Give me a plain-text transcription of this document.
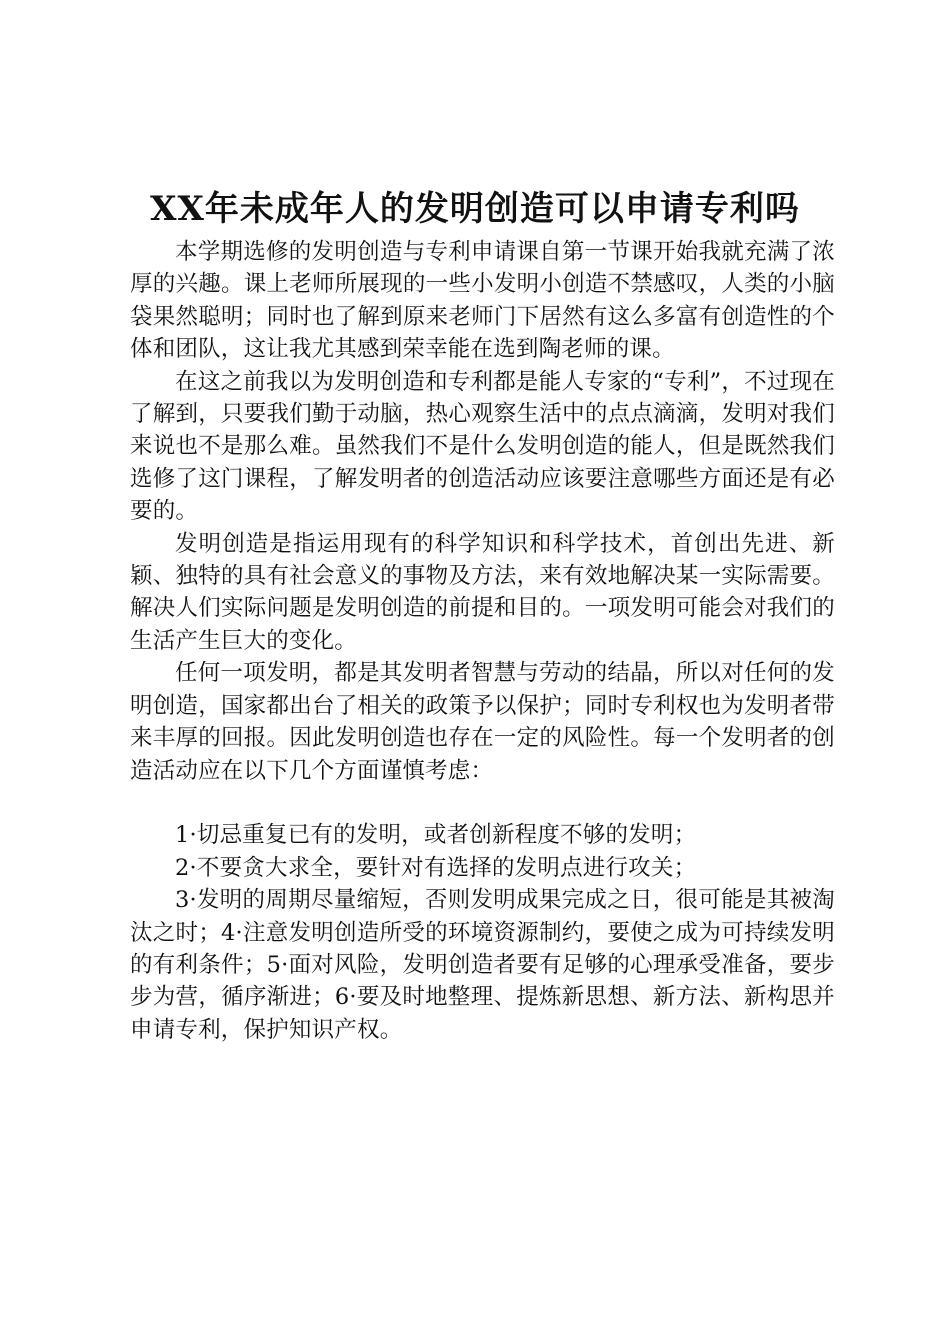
XX年未成年人的发明创造可以申请专利吗

本学期选修的发明创造与专利申请课自第一节课开始我就充满了浓厚的兴趣。课上老师所展现的一些小发明小创造不禁感叹，人类的小脑袋果然聪明；同时也了解到原来老师门下居然有这么多富有创造性的个体和团队，这让我尤其感到荣幸能在选到陶老师的课。

在这之前我以为发明创造和专利都是能人专家的“专利”，不过现在了解到，只要我们勤于动脑，热心观察生活中的点点滴滴，发明对我们来说也不是那么难。虽然我们不是什么发明创造的能人，但是既然我们选修了这门课程，了解发明者的创造活动应该要注意哪些方面还是有必要的。

发明创造是指运用现有的科学知识和科学技术，首创出先进、新颖、独特的具有社会意义的事物及方法，来有效地解决某一实际需要。解决人们实际问题是发明创造的前提和目的。一项发明可能会对我们的生活产生巨大的变化。

任何一项发明，都是其发明者智慧与劳动的结晶，所以对任何的发明创造，国家都出台了相关的政策予以保护；同时专利权也为发明者带来丰厚的回报。因此发明创造也存在一定的风险性。每一个发明者的创造活动应在以下几个方面谨慎考虑：

1·切忌重复已有的发明，或者创新程度不够的发明；

2·不要贪大求全，要针对有选择的发明点进行攻关；

3·发明的周期尽量缩短，否则发明成果完成之日，很可能是其被淘汰之时；4·注意发明创造所受的环境资源制约，要使之成为可持续发明的有利条件；5·面对风险，发明创造者要有足够的心理承受准备，要步步为营，循序渐进；6·要及时地整理、提炼新思想、新方法、新构思并申请专利，保护知识产权。
